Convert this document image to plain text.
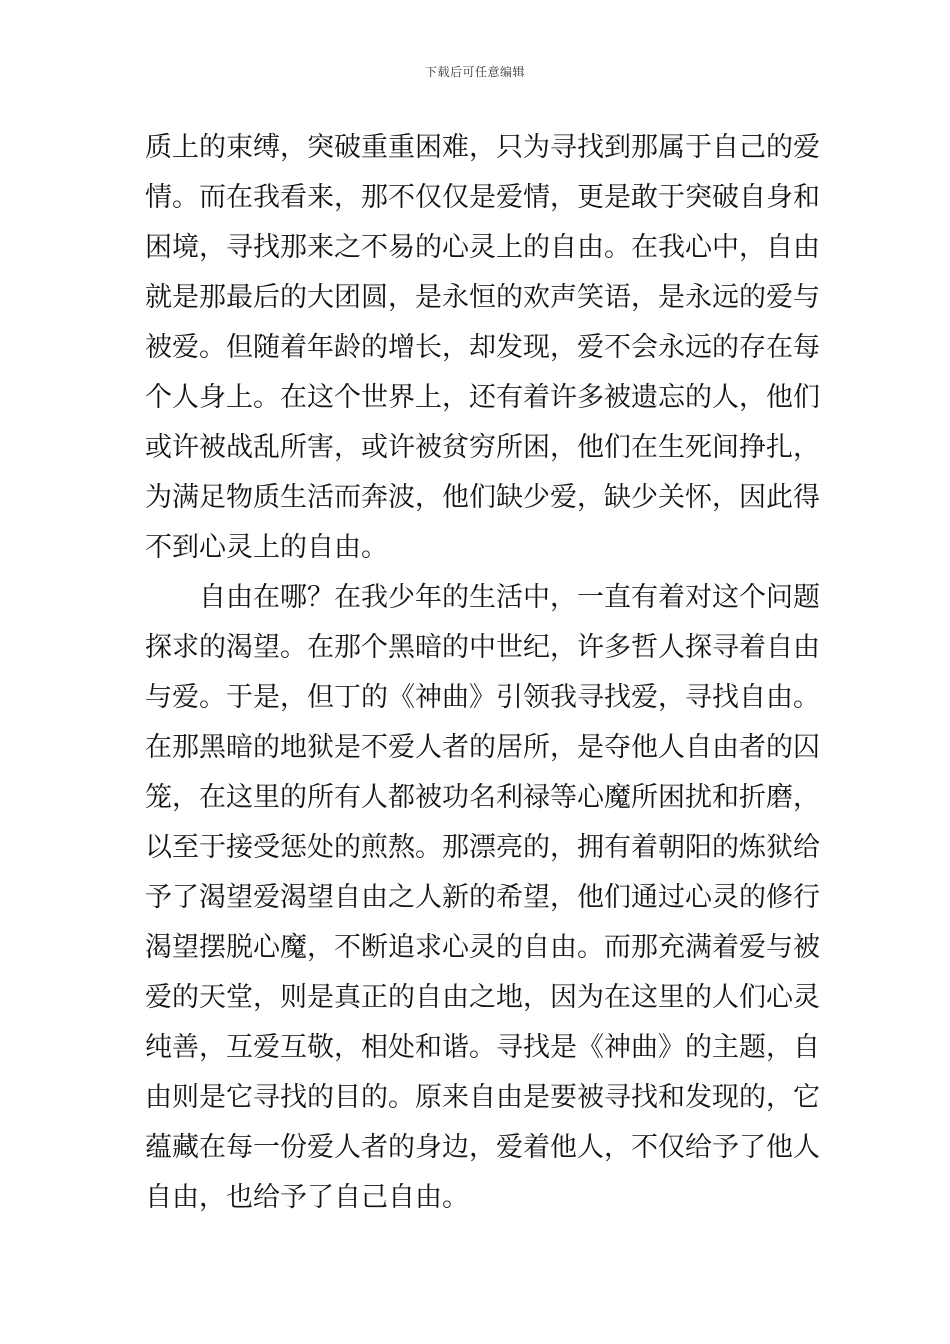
下载后可任意编辑
质上的束缚，突破重重困难，只为寻找到那属于自己的爱
情。而在我看来，那不仅仅是爱情，更是敢于突破自身和
困境，寻找那来之不易的心灵上的自由。在我心中，自由
就是那最后的大团圆，是永恒的欢声笑语，是永远的爱与
被爱。但随着年龄的增长，却发现，爱不会永远的存在每
个人身上。在这个世界上，还有着许多被遗忘的人，他们
或许被战乱所害，或许被贫穷所困，他们在生死间挣扎，
为满足物质生活而奔波，他们缺少爱，缺少关怀，因此得
不到心灵上的自由。
自由在哪？在我少年的生活中，一直有着对这个问题
探求的渴望。在那个黑暗的中世纪，许多哲人探寻着自由
与爱。于是，但丁的《神曲》引领我寻找爱，寻找自由。
在那黑暗的地狱是不爱人者的居所，是夺他人自由者的囚
笼，在这里的所有人都被功名利禄等心魔所困扰和折磨，
以至于接受惩处的煎熬。那漂亮的，拥有着朝阳的炼狱给
予了渴望爱渴望自由之人新的希望，他们通过心灵的修行
渴望摆脱心魔，不断追求心灵的自由。而那充满着爱与被
爱的天堂，则是真正的自由之地，因为在这里的人们心灵
纯善，互爱互敬，相处和谐。寻找是《神曲》的主题，自
由则是它寻找的目的。原来自由是要被寻找和发现的，它
蕴藏在每一份爱人者的身边，爱着他人，不仅给予了他人
自由，也给予了自己自由。
